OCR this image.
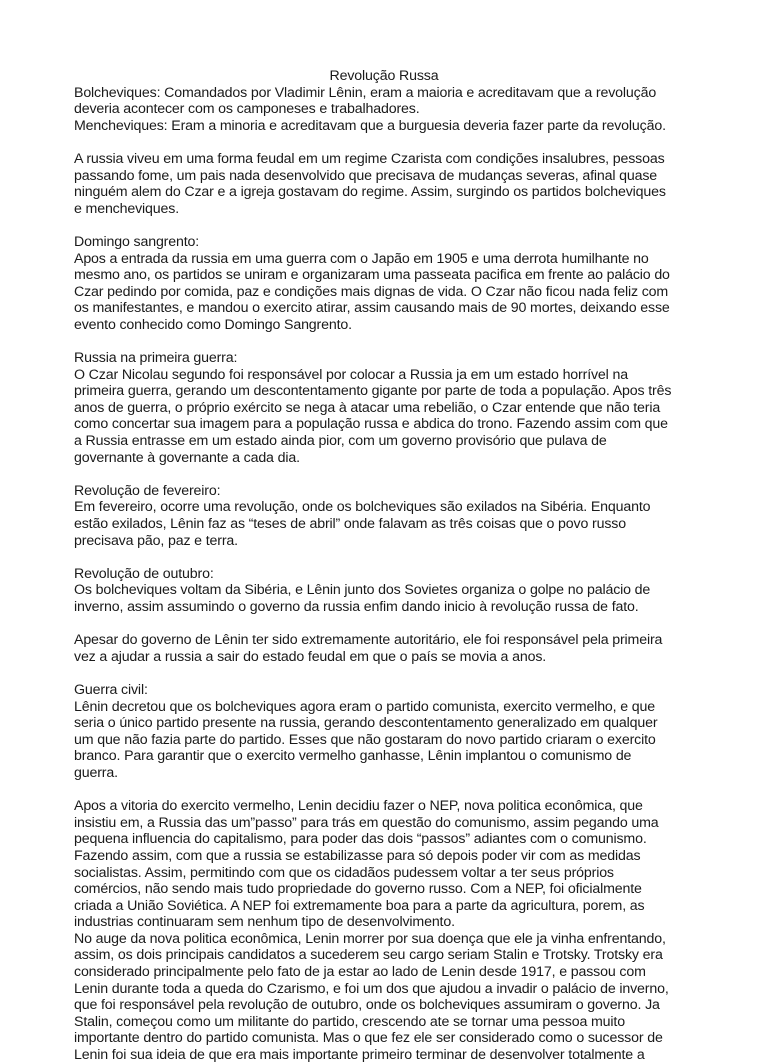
Revolução Russa
Bolcheviques: Comandados por Vladimir Lênin, eram a maioria e acreditavam que a revolução
deveria acontecer com os camponeses e trabalhadores.
Mencheviques: Eram a minoria e acreditavam que a burguesia deveria fazer parte da revolução.
A russia viveu em uma forma feudal em um regime Czarista com condições insalubres, pessoas
passando fome, um pais nada desenvolvido que precisava de mudanças severas, afinal quase
ninguém alem do Czar e a igreja gostavam do regime. Assim, surgindo os partidos bolcheviques
e mencheviques.
Domingo sangrento:
Apos a entrada da russia em uma guerra com o Japão em 1905 e uma derrota humilhante no
mesmo ano, os partidos se uniram e organizaram uma passeata pacifica em frente ao palácio do
Czar pedindo por comida, paz e condições mais dignas de vida. O Czar não ficou nada feliz com
os manifestantes, e mandou o exercito atirar, assim causando mais de 90 mortes, deixando esse
evento conhecido como Domingo Sangrento.
Russia na primeira guerra:
O Czar Nicolau segundo foi responsável por colocar a Russia ja em um estado horrível na
primeira guerra, gerando um descontentamento gigante por parte de toda a população. Apos três
anos de guerra, o próprio exército se nega à atacar uma rebelião, o Czar entende que não teria
como concertar sua imagem para a população russa e abdica do trono. Fazendo assim com que
a Russia entrasse em um estado ainda pior, com um governo provisório que pulava de
governante à governante a cada dia.
Revolução de fevereiro:
Em fevereiro, ocorre uma revolução, onde os bolcheviques são exilados na Sibéria. Enquanto
estão exilados, Lênin faz as “teses de abril” onde falavam as três coisas que o povo russo
precisava pão, paz e terra.
Revolução de outubro:
Os bolcheviques voltam da Sibéria, e Lênin junto dos Sovietes organiza o golpe no palácio de
inverno, assim assumindo o governo da russia enfim dando inicio à revolução russa de fato.
Apesar do governo de Lênin ter sido extremamente autoritário, ele foi responsável pela primeira
vez a ajudar a russia a sair do estado feudal em que o país se movia a anos.
Guerra civil:
Lênin decretou que os bolcheviques agora eram o partido comunista, exercito vermelho, e que
seria o único partido presente na russia, gerando descontentamento generalizado em qualquer
um que não fazia parte do partido. Esses que não gostaram do novo partido criaram o exercito
branco. Para garantir que o exercito vermelho ganhasse, Lênin implantou o comunismo de
guerra.
Apos a vitoria do exercito vermelho, Lenin decidiu fazer o NEP, nova politica econômica, que
insistiu em, a Russia das um”passo” para trás em questão do comunismo, assim pegando uma
pequena influencia do capitalismo, para poder das dois “passos” adiantes com o comunismo.
Fazendo assim, com que a russia se estabilizasse para só depois poder vir com as medidas
socialistas. Assim, permitindo com que os cidadãos pudessem voltar a ter seus próprios
comércios, não sendo mais tudo propriedade do governo russo. Com a NEP, foi oficialmente
criada a União Soviética. A NEP foi extremamente boa para a parte da agricultura, porem, as
industrias continuaram sem nenhum tipo de desenvolvimento.
No auge da nova politica econômica, Lenin morrer por sua doença que ele ja vinha enfrentando,
assim, os dois principais candidatos a sucederem seu cargo seriam Stalin e Trotsky. Trotsky era
considerado principalmente pelo fato de ja estar ao lado de Lenin desde 1917, e passou com
Lenin durante toda a queda do Czarismo, e foi um dos que ajudou a invadir o palácio de inverno,
que foi responsável pela revolução de outubro, onde os bolcheviques assumiram o governo. Ja
Stalin, começou como um militante do partido, crescendo ate se tornar uma pessoa muito
importante dentro do partido comunista. Mas o que fez ele ser considerado como o sucessor de
Lenin foi sua ideia de que era mais importante primeiro terminar de desenvolver totalmente a
